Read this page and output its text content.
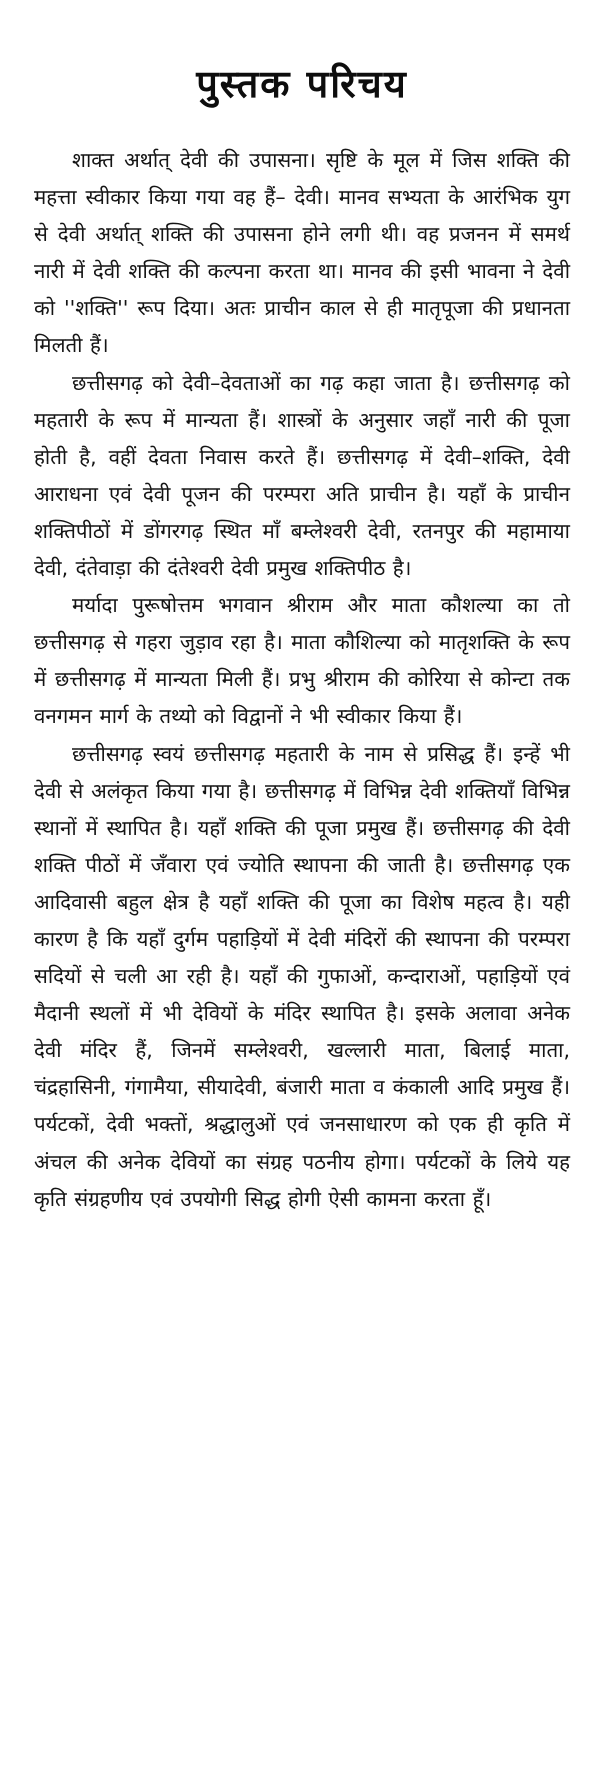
पुस्तक परिचय

शाक्त अर्थात् देवी की उपासना। सृष्टि के मूल में जिस शक्ति की महत्ता स्वीकार किया गया वह हैं– देवी। मानव सभ्यता के आरंभिक युग से देवी अर्थात् शक्ति की उपासना होने लगी थी। वह प्रजनन में समर्थ नारी में देवी शक्ति की कल्पना करता था। मानव की इसी भावना ने देवी को ''शक्ति'' रूप दिया। अतः प्राचीन काल से ही मातृपूजा की प्रधानता मिलती हैं।

छत्तीसगढ़ को देवी–देवताओं का गढ़ कहा जाता है। छत्तीसगढ़ को महतारी के रूप में मान्यता हैं। शास्त्रों के अनुसार जहाँ नारी की पूजा होती है, वहीं देवता निवास करते हैं। छत्तीसगढ़ में देवी–शक्ति, देवी आराधना एवं देवी पूजन की परम्परा अति प्राचीन है। यहाँ के प्राचीन शक्तिपीठों में डोंगरगढ़ स्थित माँ बम्लेश्वरी देवी, रतनपुर की महामाया देवी, दंतेवाड़ा की दंतेश्वरी देवी प्रमुख शक्तिपीठ है।

मर्यादा पुरूषोत्तम भगवान श्रीराम और माता कौशल्या का तो छत्तीसगढ़ से गहरा जुड़ाव रहा है। माता कौशिल्या को मातृशक्ति के रूप में छत्तीसगढ़ में मान्यता मिली हैं। प्रभु श्रीराम की कोरिया से कोन्टा तक वनगमन मार्ग के तथ्यो को विद्वानों ने भी स्वीकार किया हैं।

छत्तीसगढ़ स्वयं छत्तीसगढ़ महतारी के नाम से प्रसिद्ध हैं। इन्हें भी देवी से अलंकृत किया गया है। छत्तीसगढ़ में विभिन्न देवी शक्तियाँ विभिन्न स्थानों में स्थापित है। यहाँ शक्ति की पूजा प्रमुख हैं। छत्तीसगढ़ की देवी शक्ति पीठों में जँवारा एवं ज्योति स्थापना की जाती है। छत्तीसगढ़ एक आदिवासी बहुल क्षेत्र है यहाँ शक्ति की पूजा का विशेष महत्व है। यही कारण है कि यहाँ दुर्गम पहाड़ियों में देवी मंदिरों की स्थापना की परम्परा सदियों से चली आ रही है। यहाँ की गुफाओं, कन्दाराओं, पहाड़ियों एवं मैदानी स्थलों में भी देवियों के मंदिर स्थापित है। इसके अलावा अनेक देवी मंदिर हैं, जिनमें सम्लेश्वरी, खल्लारी माता, बिलाई माता, चंद्रहासिनी, गंगामैया, सीयादेवी, बंजारी माता व कंकाली आदि प्रमुख हैं। पर्यटकों, देवी भक्तों, श्रद्धालुओं एवं जनसाधारण को एक ही कृति में अंचल की अनेक देवियों का संग्रह पठनीय होगा। पर्यटकों के लिये यह कृति संग्रहणीय एवं उपयोगी सिद्ध होगी ऐसी कामना करता हूँ।
